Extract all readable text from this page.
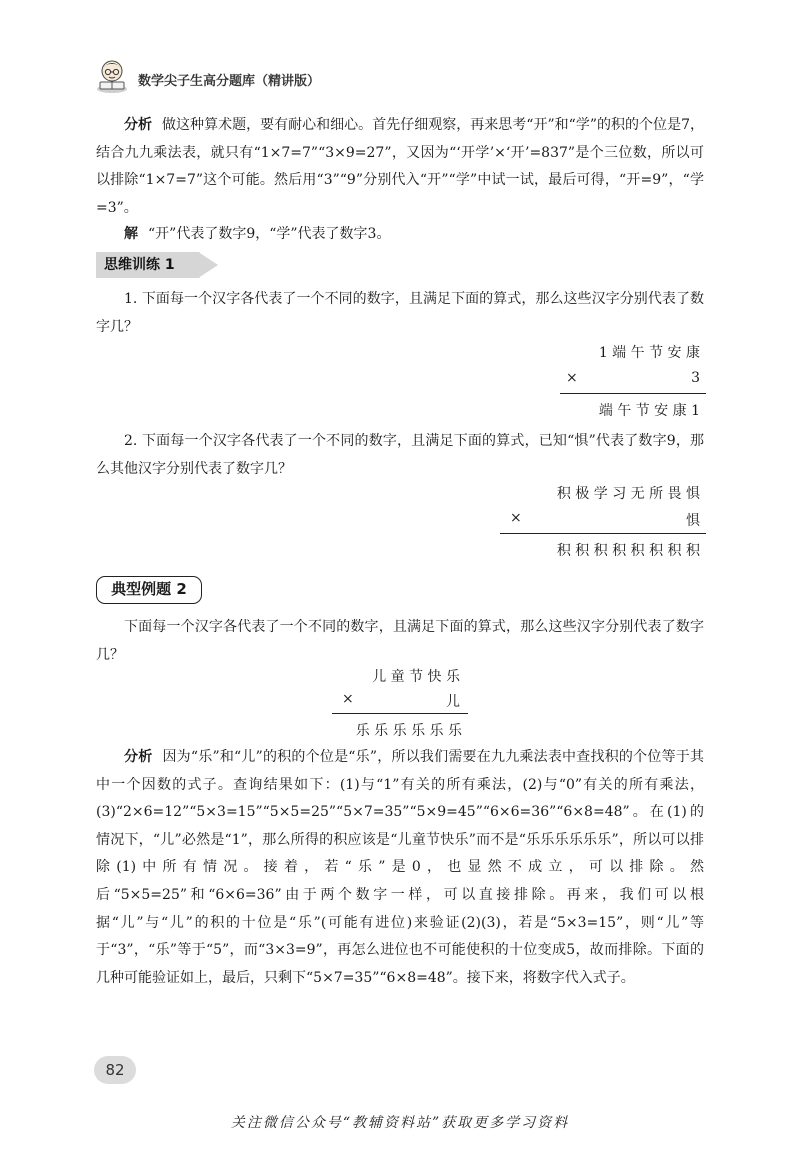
数学尖子生高分题库（精讲版）

分析 做这种算术题，要有耐心和细心。首先仔细观察，再来思考“开”和“学”的积的个位是7，结合九九乘法表，就只有“1×7=7”“3×9=27”，又因为“‘开学’×‘开’=837”是个三位数，所以可以排除“1×7=7”这个可能。然后用“3”“9”分别代入“开”“学”中试一试，最后可得，“开=9”，“学=3”。

解 “开”代表了数字9，“学”代表了数字3。

思维训练 1

1. 下面每一个汉字各代表了一个不同的数字，且满足下面的算式，那么这些汉字分别代表了数字几？

1 端 午 节 安 康
×	3
端 午 节 安 康 1

2. 下面每一个汉字各代表了一个不同的数字，且满足下面的算式，已知“惧”代表了数字9，那么其他汉字分别代表了数字几？

积 极 学 习 无 所 畏 惧
×	惧
积 积 积 积 积 积 积 积
典型例题 2

下面每一个汉字各代表了一个不同的数字，且满足下面的算式，那么这些汉字分别代表了数字几？

儿 童 节 快 乐
×	儿
乐 乐 乐 乐 乐 乐

分析 因为“乐”和“儿”的积的个位是“乐”，所以我们需要在九九乘法表中查找积的个位等于其中一个因数的式子。查询结果如下：(1)与“1”有关的所有乘法，(2)与“0”有关的所有乘法，(3)“2×6=12”“5×3=15”“5×5=25”“5×7=35”“5×9=45”“6×6=36”“6×8=48”。在(1)的情况下，“儿”必然是“1”，那么所得的积应该是“儿童节快乐”而不是“乐乐乐乐乐乐”，所以可以排除(1)中所有情况。接着，若“乐”是0，也显然不成立，可以排除。然后“5×5=25”和“6×6=36”由于两个数字一样，可以直接排除。再来，我们可以根据“儿”与“儿”的积的十位是“乐”(可能有进位)来验证(2)(3)，若是“5×3=15”，则“儿”等于“3”，“乐”等于“5”，而“3×3=9”，再怎么进位也不可能使积的十位变成5，故而排除。下面的几种可能验证如上，最后，只剩下“5×7=35”“6×8=48”。接下来，将数字代入式子。

82
关注微信公众号“教辅资料站”获取更多学习资料
